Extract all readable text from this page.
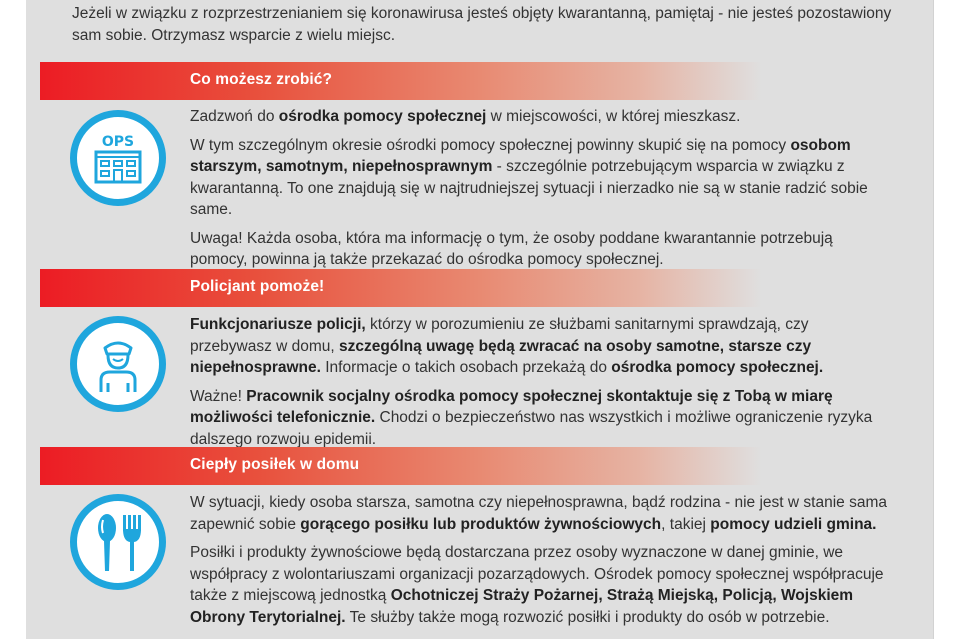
Jeżeli w związku z rozprzestrzenianiem się koronawirusa jesteś objęty kwarantanną, pamiętaj - nie jesteś pozostawiony sam sobie. Otrzymasz wsparcie z wielu miejsc.
Co możesz zrobić?
OPS

Zadzwoń do ośrodka pomocy społecznej w miejscowości, w której mieszkasz.

W tym szczególnym okresie ośrodki pomocy społecznej powinny skupić się na pomocy osobom starszym, samotnym, niepełnosprawnym - szczególnie potrzebującym wsparcia w związku z kwarantanną. To one znajdują się w najtrudniejszej sytuacji i nierzadko nie są w stanie radzić sobie same.

Uwaga! Każda osoba, która ma informację o tym, że osoby poddane kwarantannie potrzebują pomocy, powinna ją także przekazać do ośrodka pomocy społecznej.

Policjant pomoże!

Funkcjonariusze policji, którzy w porozumieniu ze służbami sanitarnymi sprawdzają, czy przebywasz w domu, szczególną uwagę będą zwracać na osoby samotne, starsze czy niepełnosprawne. Informacje o takich osobach przekażą do ośrodka pomocy społecznej.

Ważne! Pracownik socjalny ośrodka pomocy społecznej skontaktuje się z Tobą w miarę możliwości telefonicznie. Chodzi o bezpieczeństwo nas wszystkich i możliwe ograniczenie ryzyka dalszego rozwoju epidemii.

Ciepły posiłek w domu

W sytuacji, kiedy osoba starsza, samotna czy niepełnosprawna, bądź rodzina - nie jest w stanie sama zapewnić sobie gorącego posiłku lub produktów żywnościowych, takiej pomocy udzieli gmina.

Posiłki i produkty żywnościowe będą dostarczana przez osoby wyznaczone w danej gminie, we współpracy z wolontariuszami organizacji pozarządowych. Ośrodek pomocy społecznej współpracuje także z miejscową jednostką Ochotniczej Straży Pożarnej, Strażą Miejską, Policją, Wojskiem Obrony Terytorialnej. Te służby także mogą rozwozić posiłki i produkty do osób w potrzebie.
